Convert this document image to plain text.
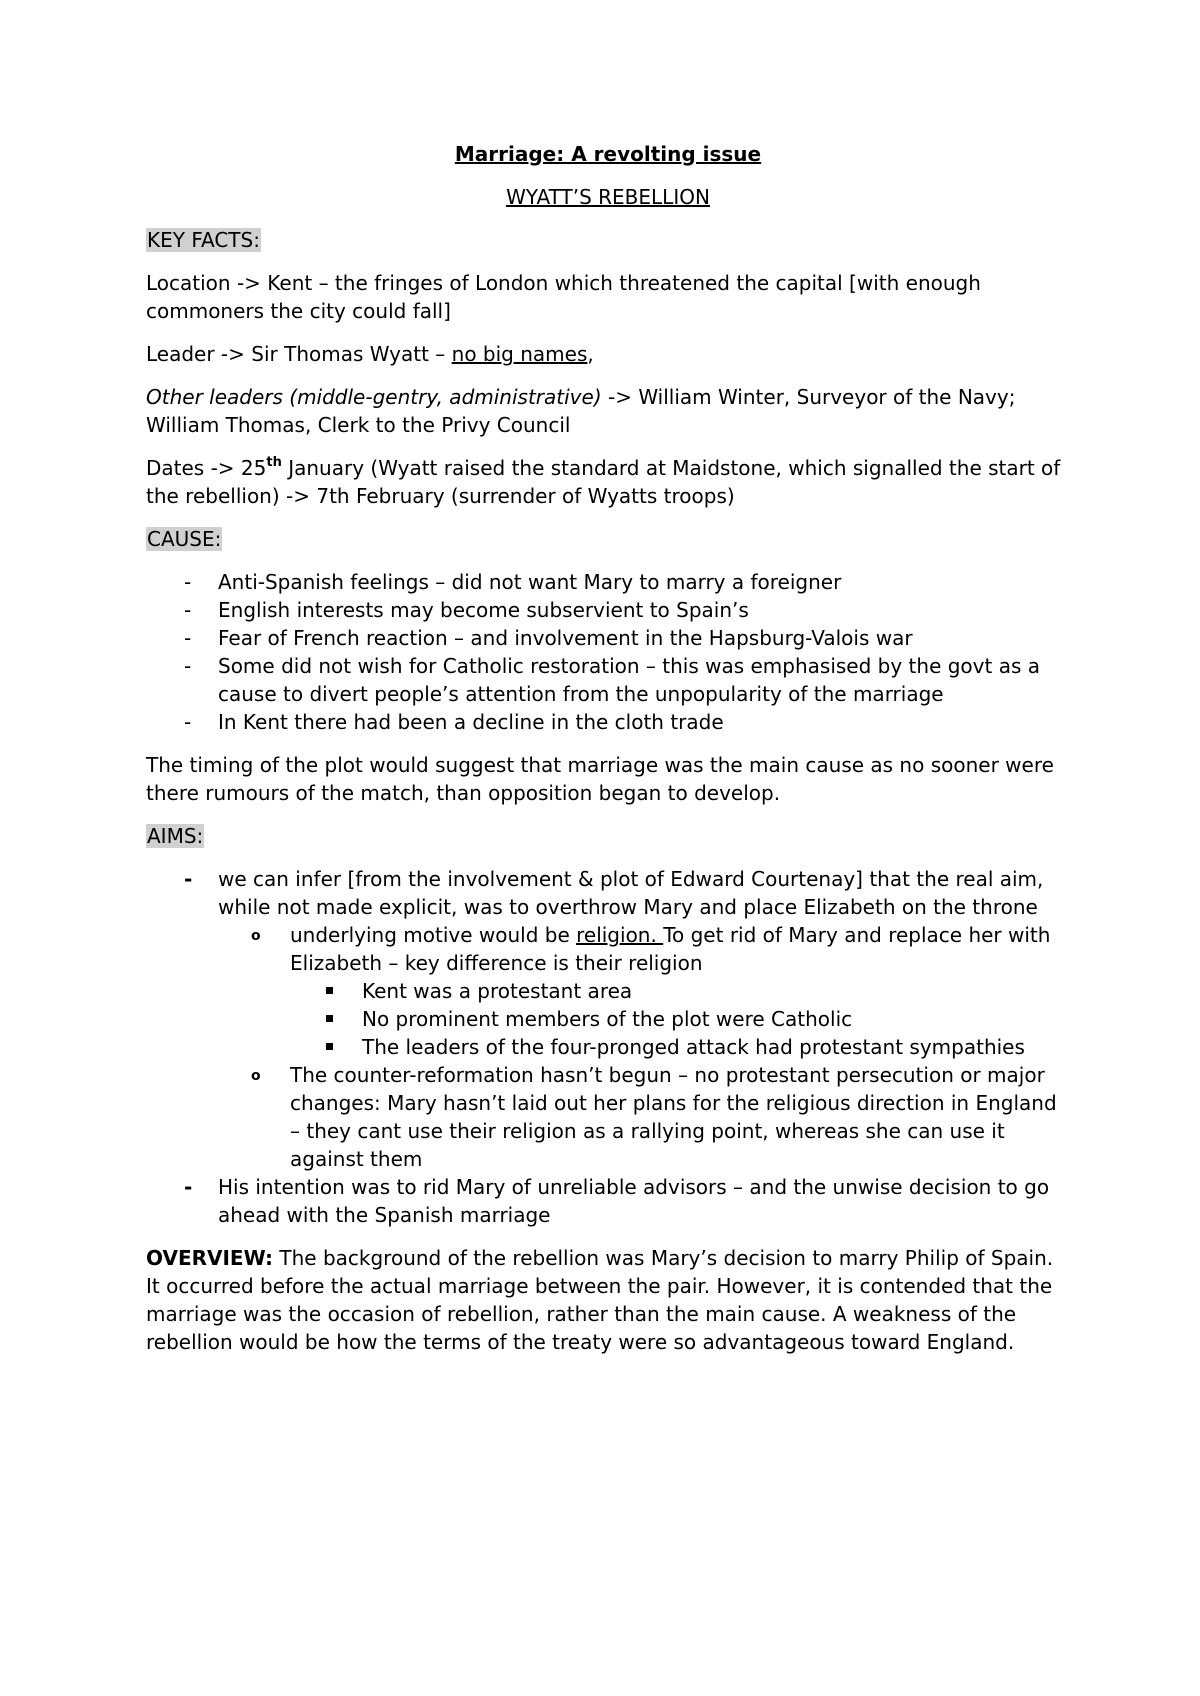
Marriage: A revolting issue
WYATT’S REBELLION
KEY FACTS:

Location -> Kent – the fringes of London which threatened the capital [with enough commoners the city could fall]

Leader -> Sir Thomas Wyatt – no big names,

Other leaders (middle-gentry, administrative) -> William Winter, Surveyor of the Navy; William Thomas, Clerk to the Privy Council

Dates -> 25th January (Wyatt raised the standard at Maidstone, which signalled the start of the rebellion) -> 7th February (surrender of Wyatts troops)

CAUSE:
- Anti-Spanish feelings – did not want Mary to marry a foreigner
- English interests may become subservient to Spain’s
- Fear of French reaction – and involvement in the Hapsburg-Valois war
- Some did not wish for Catholic restoration – this was emphasised by the govt as a cause to divert people’s attention from the unpopularity of the marriage
- In Kent there had been a decline in the cloth trade

The timing of the plot would suggest that marriage was the main cause as no sooner were there rumours of the match, than opposition began to develop.

AIMS:
- we can infer [from the involvement & plot of Edward Courtenay] that the real aim, while not made explicit, was to overthrow Mary and place Elizabeth on the throne
o underlying motive would be religion. To get rid of Mary and replace her with Elizabeth – key difference is their religion
Kent was a protestant area
No prominent members of the plot were Catholic
The leaders of the four-pronged attack had protestant sympathies
o The counter-reformation hasn’t begun – no protestant persecution or major changes: Mary hasn’t laid out her plans for the religious direction in England – they cant use their religion as a rallying point, whereas she can use it against them
- His intention was to rid Mary of unreliable advisors – and the unwise decision to go ahead with the Spanish marriage

OVERVIEW: The background of the rebellion was Mary’s decision to marry Philip of Spain. It occurred before the actual marriage between the pair. However, it is contended that the marriage was the occasion of rebellion, rather than the main cause. A weakness of the rebellion would be how the terms of the treaty were so advantageous toward England.
